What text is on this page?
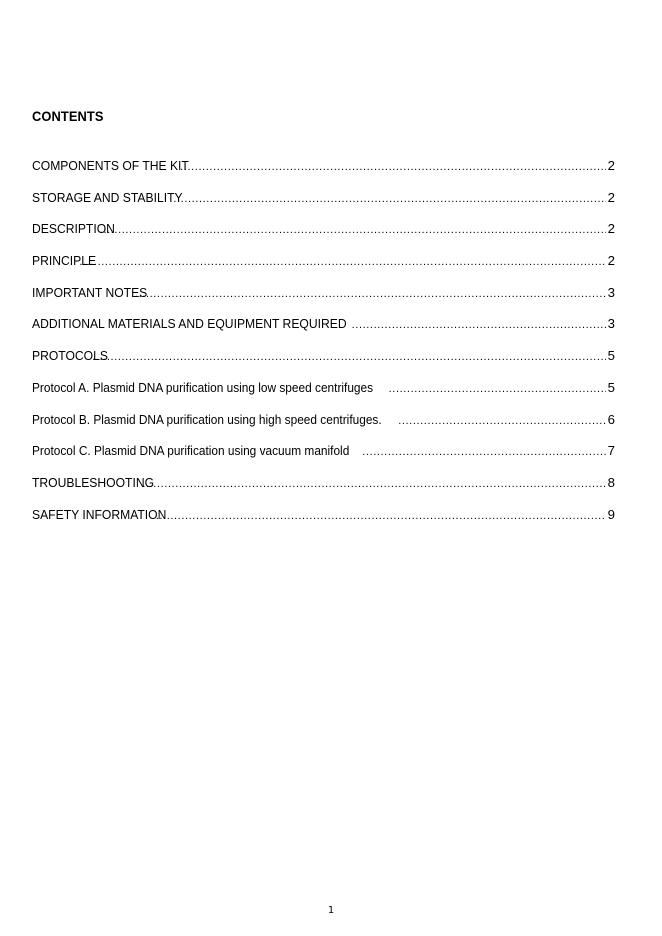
CONTENTS
COMPONENTS OF THE KIT .....	2
STORAGE AND STABILITY .....	2
DESCRIPTION .....	2
PRINCIPLE .....	2
IMPORTANT NOTES .....	3
ADDITIONAL MATERIALS AND EQUIPMENT REQUIRED .....	3
PROTOCOLS .....	5
Protocol A. Plasmid DNA purification using low speed centrifuges .....	5
Protocol B. Plasmid DNA purification using high speed centrifuges. .....	6
Protocol C. Plasmid DNA purification using vacuum manifold .....	7
TROUBLESHOOTING .....	8
SAFETY INFORMATION .....	9
1
